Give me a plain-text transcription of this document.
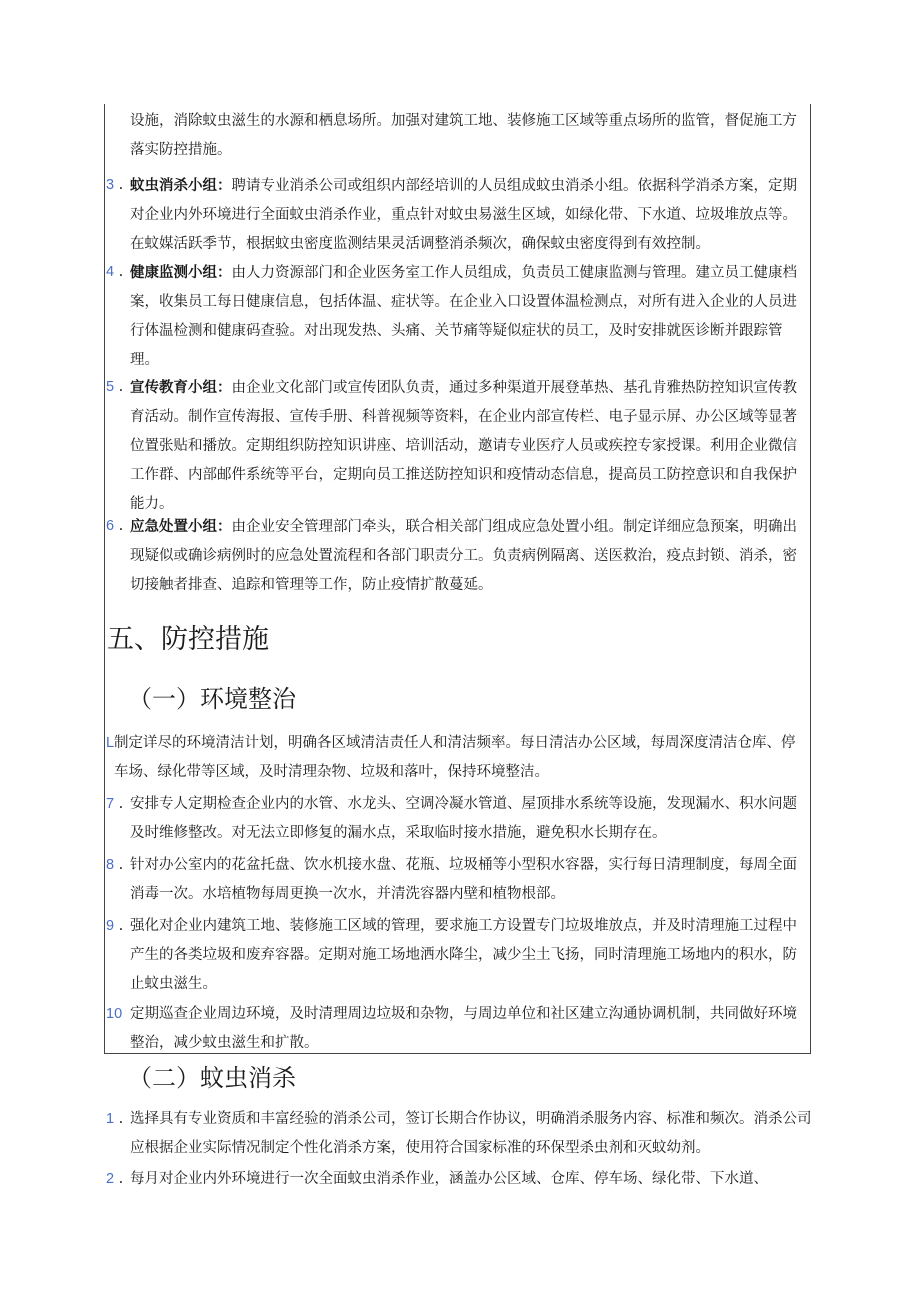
设施，消除蚊虫滋生的水源和栖息场所。加强对建筑工地、装修施工区域等重点场所的监管，督促施工方落实防控措施。

3 . 蚊虫消杀小组：聘请专业消杀公司或组织内部经培训的人员组成蚊虫消杀小组。依据科学消杀方案，定期对企业内外环境进行全面蚊虫消杀作业，重点针对蚊虫易滋生区域，如绿化带、下水道、垃圾堆放点等。在蚊媒活跃季节，根据蚊虫密度监测结果灵活调整消杀频次，确保蚊虫密度得到有效控制。

4 . 健康监测小组：由人力资源部门和企业医务室工作人员组成，负责员工健康监测与管理。建立员工健康档案，收集员工每日健康信息，包括体温、症状等。在企业入口设置体温检测点，对所有进入企业的人员进行体温检测和健康码查验。对出现发热、头痛、关节痛等疑似症状的员工，及时安排就医诊断并跟踪管理。

5 . 宣传教育小组：由企业文化部门或宣传团队负责，通过多种渠道开展登革热、基孔肯雅热防控知识宣传教育活动。制作宣传海报、宣传手册、科普视频等资料，在企业内部宣传栏、电子显示屏、办公区域等显著位置张贴和播放。定期组织防控知识讲座、培训活动，邀请专业医疗人员或疾控专家授课。利用企业微信工作群、内部邮件系统等平台，定期向员工推送防控知识和疫情动态信息，提高员工防控意识和自我保护能力。

6 . 应急处置小组：由企业安全管理部门牵头，联合相关部门组成应急处置小组。制定详细应急预案，明确出现疑似或确诊病例时的应急处置流程和各部门职责分工。负责病例隔离、送医救治，疫点封锁、消杀，密切接触者排查、追踪和管理等工作，防止疫情扩散蔓延。

五、防控措施
（一）环境整治

L 制定详尽的环境清洁计划，明确各区域清洁责任人和清洁频率。每日清洁办公区域，每周深度清洁仓库、停车场、绿化带等区域，及时清理杂物、垃圾和落叶，保持环境整洁。

7 . 安排专人定期检查企业内的水管、水龙头、空调冷凝水管道、屋顶排水系统等设施，发现漏水、积水问题及时维修整改。对无法立即修复的漏水点，采取临时接水措施，避免积水长期存在。

8 . 针对办公室内的花盆托盘、饮水机接水盘、花瓶、垃圾桶等小型积水容器，实行每日清理制度，每周全面消毒一次。水培植物每周更换一次水，并清洗容器内壁和植物根部。

9 . 强化对企业内建筑工地、装修施工区域的管理，要求施工方设置专门垃圾堆放点，并及时清理施工过程中产生的各类垃圾和废弃容器。定期对施工场地洒水降尘，减少尘土飞扬，同时清理施工场地内的积水，防止蚊虫滋生。

10 定期巡查企业周边环境，及时清理周边垃圾和杂物，与周边单位和社区建立沟通协调机制，共同做好环境整治，减少蚊虫滋生和扩散。

（二）蚊虫消杀

1 . 选择具有专业资质和丰富经验的消杀公司，签订长期合作协议，明确消杀服务内容、标准和频次。消杀公司应根据企业实际情况制定个性化消杀方案，使用符合国家标准的环保型杀虫剂和灭蚊幼剂。

2 . 每月对企业内外环境进行一次全面蚊虫消杀作业，涵盖办公区域、仓库、停车场、绿化带、下水道、
